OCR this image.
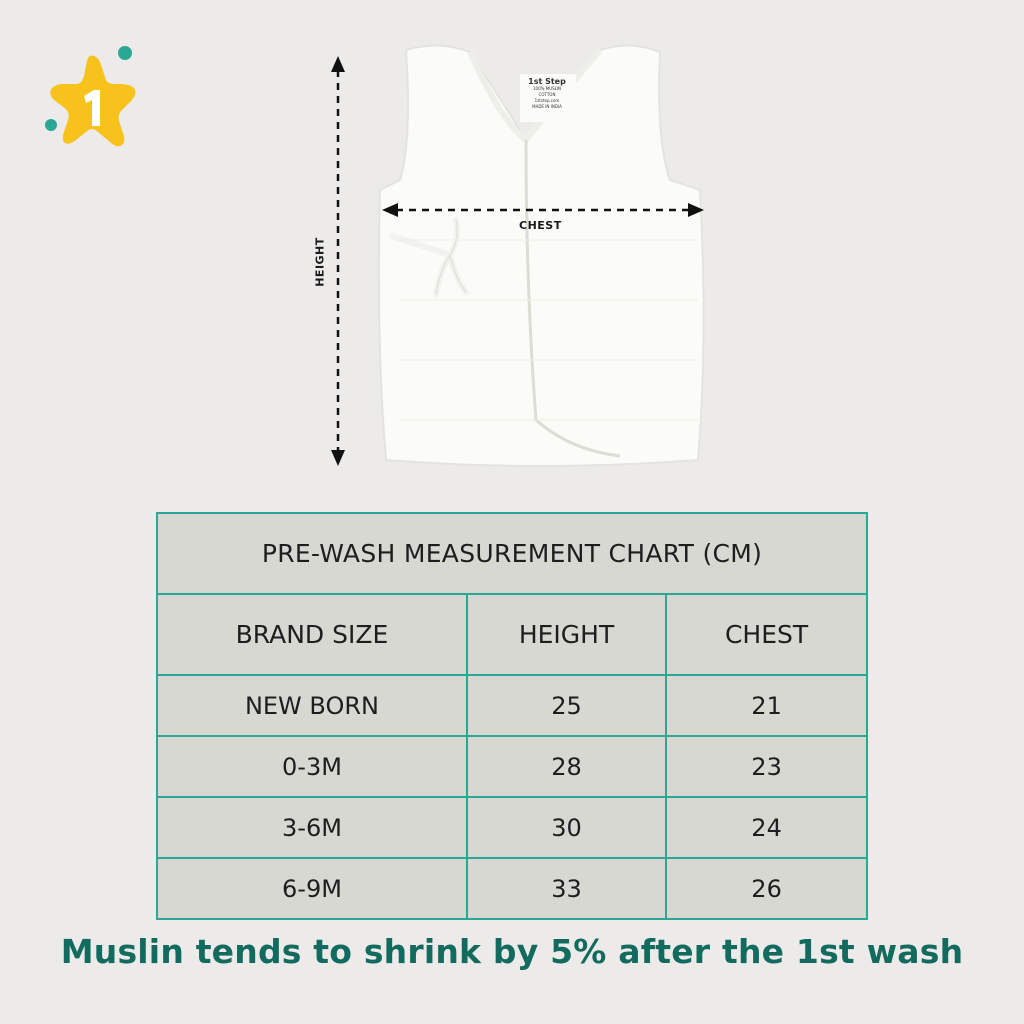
1st Step
100% MUSLIN COTTON
1ststep.com
MADE IN INDIA
HEIGHT
CHEST
PRE-WASH MEASUREMENT CHART (CM)		
BRAND SIZE	HEIGHT	CHEST
NEW BORN	25	21
0-3M	28	23
3-6M	30	24
6-9M	33	26
Muslin tends to shrink by 5% after the 1st wash
